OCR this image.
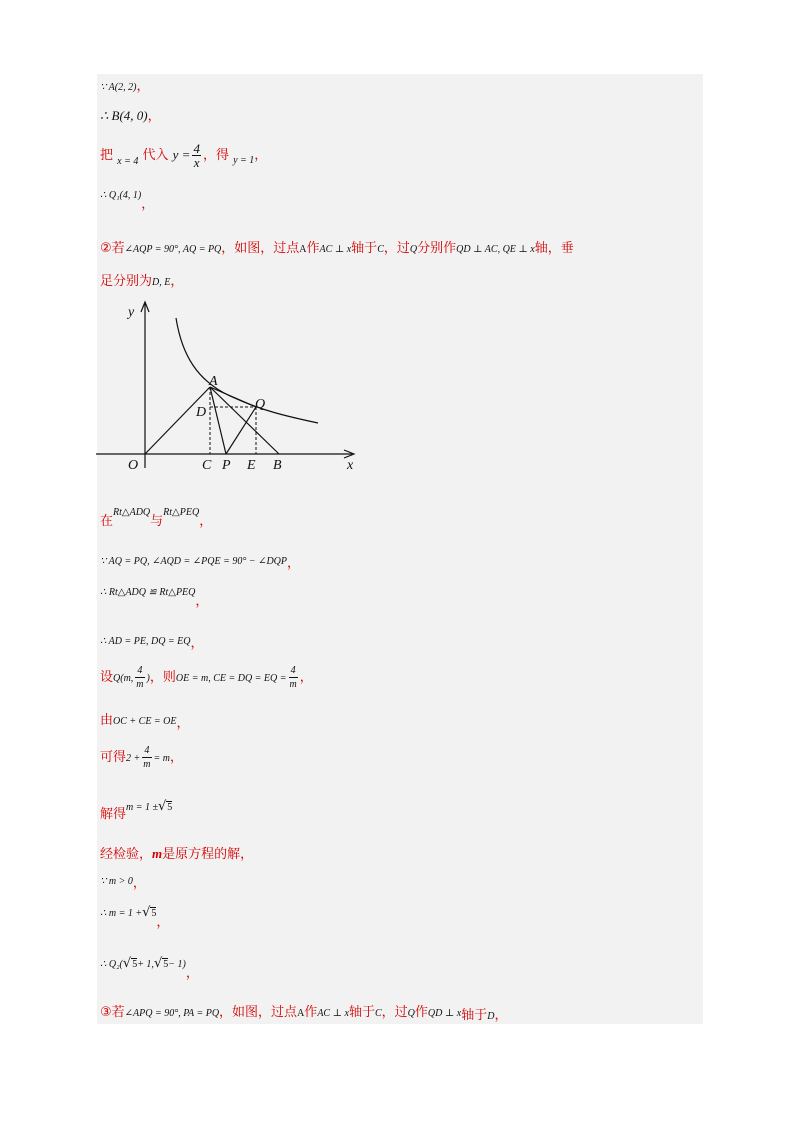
∵ A(2, 2)，
∴ B(4, 0)，
把 $_{x = 4}$ 代入 $y = \frac{4}{x}$ ，得 $_{y = 1}$，
∴ Q₁(4, 1)，
②若∠AQP = 90°, AQ = PQ，如图，过点A作AC ⊥ x轴于C，过Q分别作QD ⊥ AC, QE ⊥ x轴，垂
足分别为D, E，
y
x
O
A
Q
D
C P E B
在Rt△ADQ与Rt△PEQ，
∵ AQ = PQ, ∠AQD = ∠PQE = 90° − ∠DQP，
∴ Rt△ADQ ≌ Rt△PEQ，
∴ AD = PE, DQ = EQ，
设Q(m, $\frac{4}{m}$ )，则OE = m, CE = DQ = EQ = $\frac{4}{m}$ ，
由OC + CE = OE，
可得$2 + \frac{4}{m} = m$，
解得m = 1 ±√5
经检验，m是原方程的解，
∵ m > 0，
∴ m = 1 +√5，
∴ Q₂(√5+ 1,√5− 1)，
③若∠APQ = 90°, PA = PQ，如图，过点A作AC ⊥ x轴于C，过Q作QD ⊥ x轴于$_D$，
